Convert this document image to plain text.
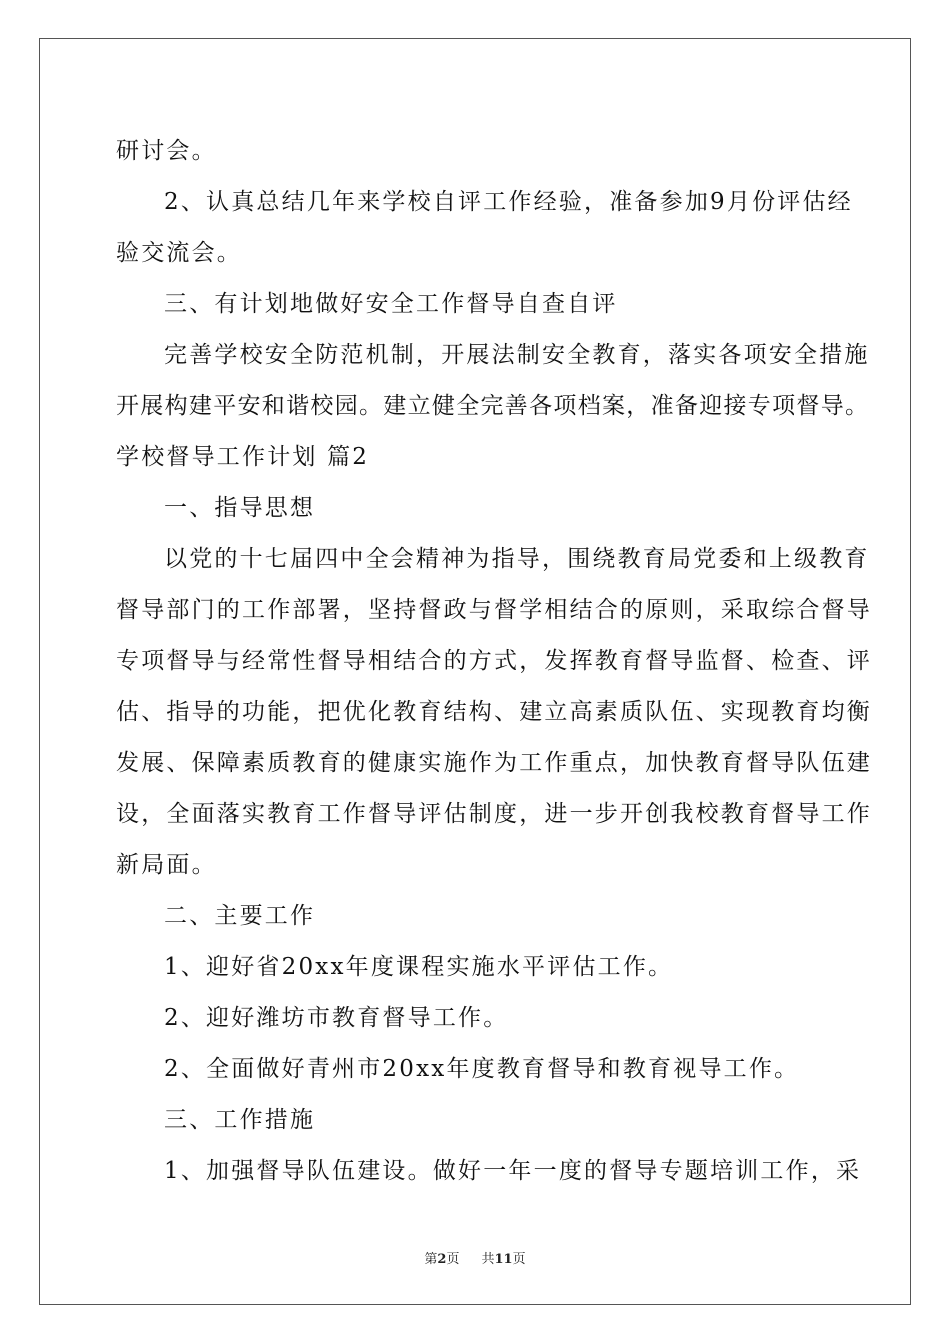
研讨会。
2、认真总结几年来学校自评工作经验，准备参加9月份评估经
验交流会。
三、有计划地做好安全工作督导自查自评
完善学校安全防范机制，开展法制安全教育，落实各项安全措施
开展构建平安和谐校园。建立健全完善各项档案，准备迎接专项督导。
学校督导工作计划 篇2
一、指导思想
以党的十七届四中全会精神为指导，围绕教育局党委和上级教育
督导部门的工作部署，坚持督政与督学相结合的原则，采取综合督导
专项督导与经常性督导相结合的方式，发挥教育督导监督、检查、评
估、指导的功能，把优化教育结构、建立高素质队伍、实现教育均衡
发展、保障素质教育的健康实施作为工作重点，加快教育督导队伍建
设，全面落实教育工作督导评估制度，进一步开创我校教育督导工作
新局面。
二、主要工作
1、迎好省20xx年度课程实施水平评估工作。
2、迎好潍坊市教育督导工作。
2、全面做好青州市20xx年度教育督导和教育视导工作。
三、工作措施
1、加强督导队伍建设。做好一年一度的督导专题培训工作，采
第2页 共11页
